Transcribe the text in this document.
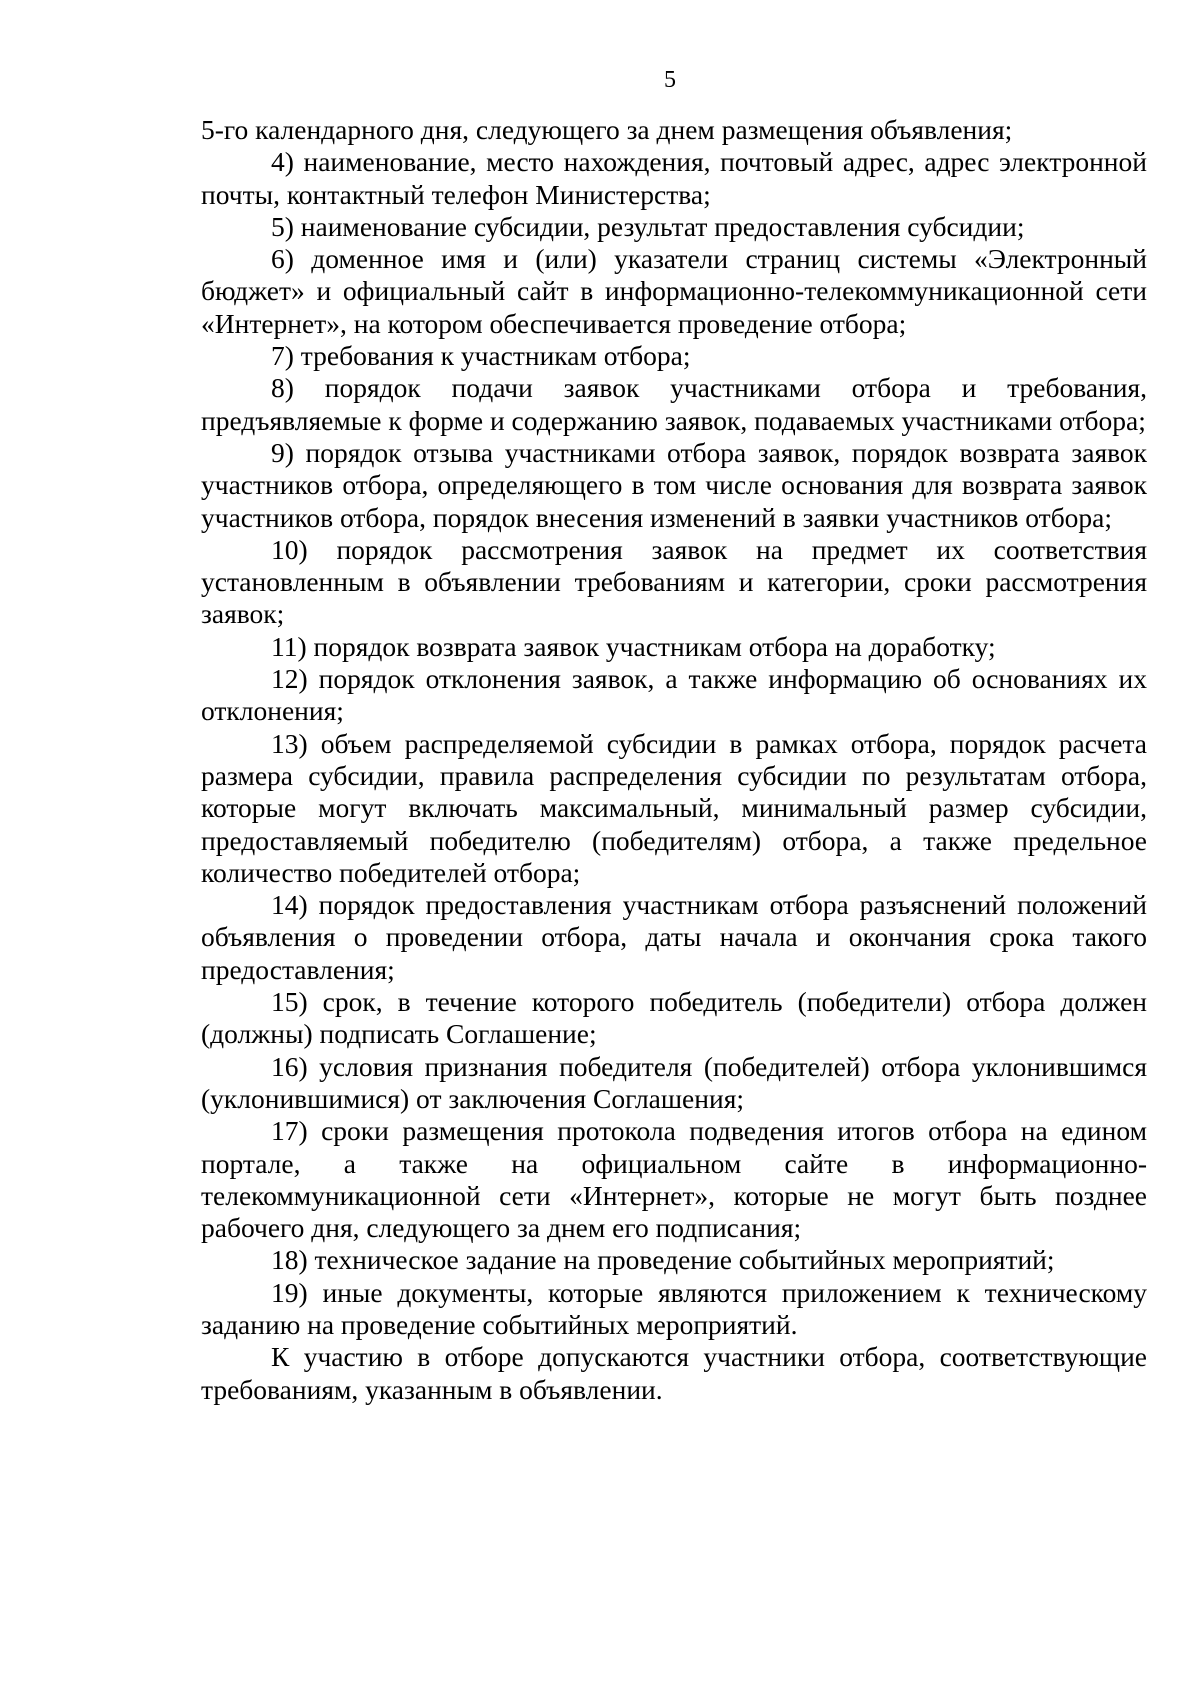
5

5-го календарного дня, следующего за днем размещения объявления;

4) наименование, место нахождения, почтовый адрес, адрес электронной почты, контактный телефон Министерства;

5) наименование субсидии, результат предоставления субсидии;

6) доменное имя и (или) указатели страниц системы «Электронный бюджет» и официальный сайт в информационно-телекоммуникационной сети «Интернет», на котором обеспечивается проведение отбора;

7) требования к участникам отбора;

8) порядок подачи заявок участниками отбора и требования, предъявляемые к форме и содержанию заявок, подаваемых участниками отбора;

9) порядок отзыва участниками отбора заявок, порядок возврата заявок участников отбора, определяющего в том числе основания для возврата заявок участников отбора, порядок внесения изменений в заявки участников отбора;

10) порядок рассмотрения заявок на предмет их соответствия установленным в объявлении требованиям и категории, сроки рассмотрения заявок;

11) порядок возврата заявок участникам отбора на доработку;

12) порядок отклонения заявок, а также информацию об основаниях их отклонения;

13) объем распределяемой субсидии в рамках отбора, порядок расчета размера субсидии, правила распределения субсидии по результатам отбора, которые могут включать максимальный, минимальный размер субсидии, предоставляемый победителю (победителям) отбора, а также предельное количество победителей отбора;

14) порядок предоставления участникам отбора разъяснений положений объявления о проведении отбора, даты начала и окончания срока такого предоставления;

15) срок, в течение которого победитель (победители) отбора должен (должны) подписать Соглашение;

16) условия признания победителя (победителей) отбора уклонившимся (уклонившимися) от заключения Соглашения;

17) сроки размещения протокола подведения итогов отбора на едином портале, а также на официальном сайте в информационно-телекоммуникационной сети «Интернет», которые не могут быть позднее рабочего дня, следующего за днем его подписания;

18) техническое задание на проведение событийных мероприятий;

19) иные документы, которые являются приложением к техническому заданию на проведение событийных мероприятий.

К участию в отборе допускаются участники отбора, соответствующие требованиям, указанным в объявлении.
